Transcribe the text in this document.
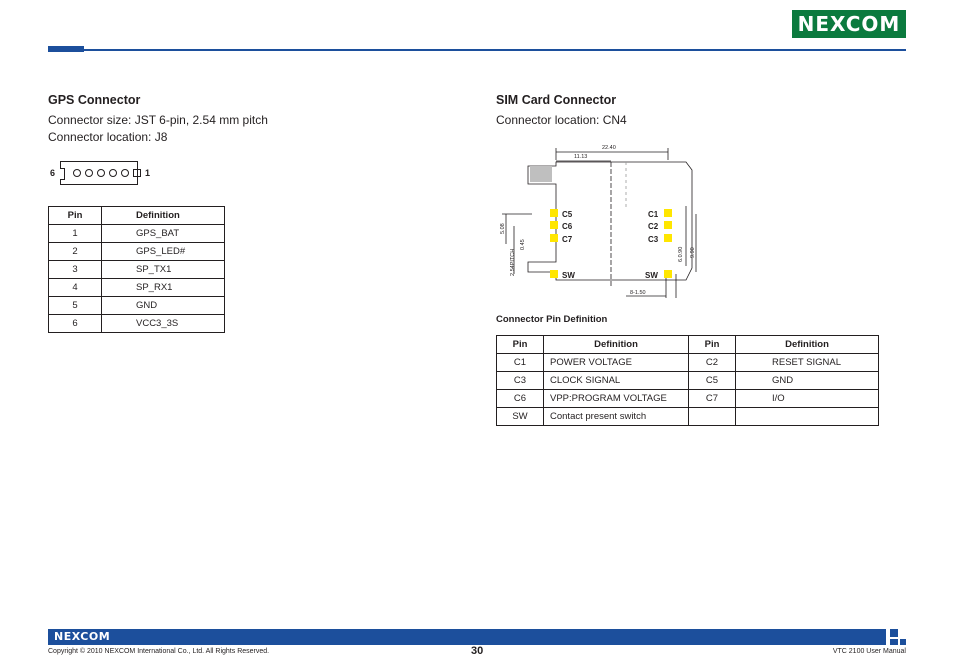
NEXCOM
GPS Connector
Connector size: JST 6-pin, 2.54 mm pitch
Connector location: J8
6	1
Pin	Definition
1	GPS_BAT
2	GPS_LED#
3	SP_TX1
4	SP_RX1
5	GND
6	VCC3_3S
SIM Card Connector
Connector location: CN4
22.40
11.13
8-1.50
5.08
0.45
2.54PITCH	6.0.90 9.90
C5
C6
C7
SW
C1
C2
C3
SW
Connector Pin Definition
Pin	Definition	Pin	Definition
C1	POWER VOLTAGE	C2	RESET SIGNAL
C3	CLOCK SIGNAL	C5	GND
C6	VPP:PROGRAM VOLTAGE	C7	I/O
SW	Contact present switch		
NEXCOM
Copyright © 2010 NEXCOM International Co., Ltd. All Rights Reserved.	30	VTC 2100 User Manual
